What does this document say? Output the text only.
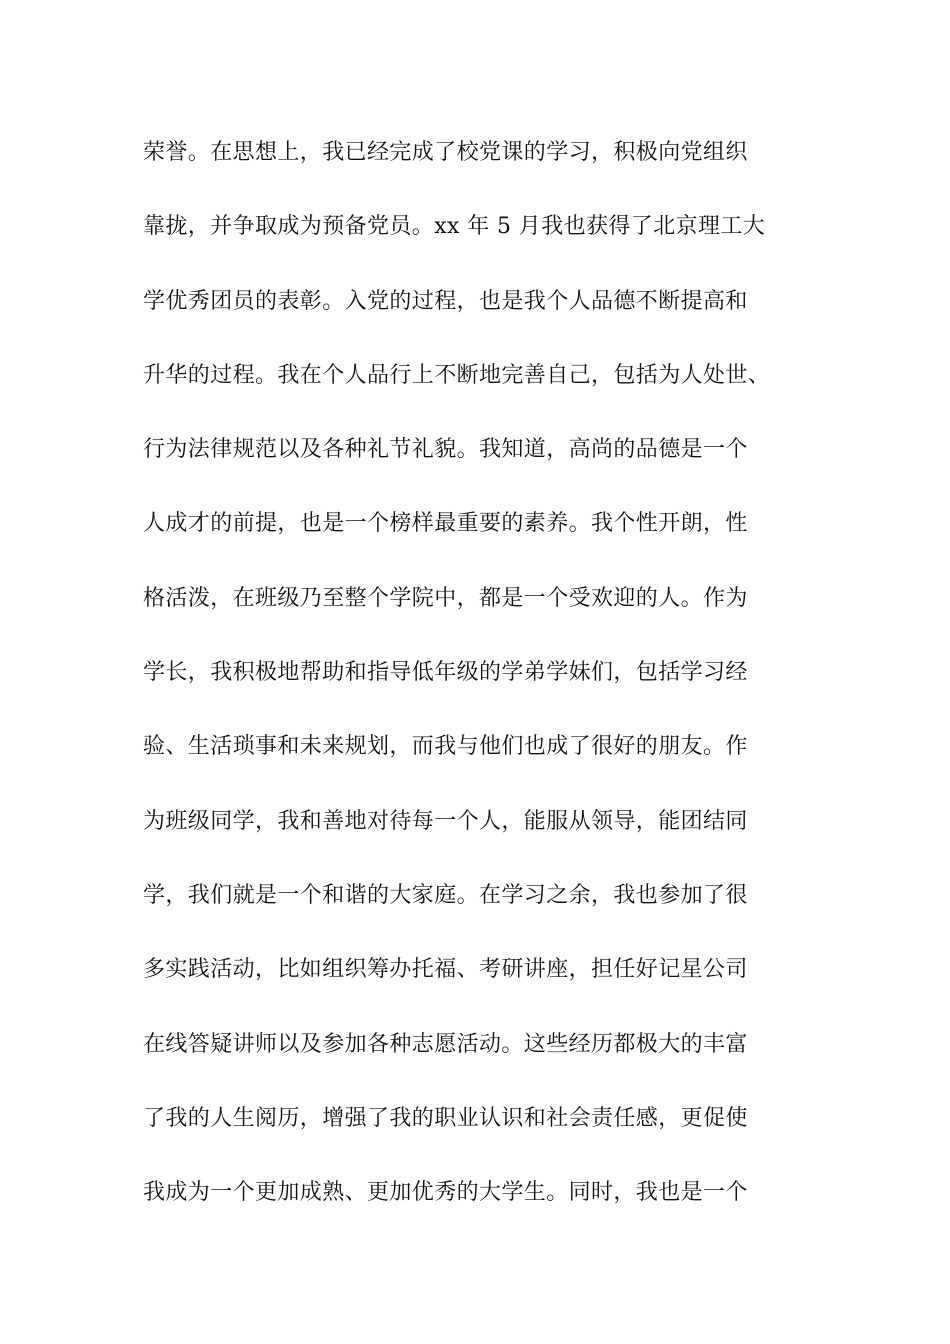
荣誉。在思想上，我已经完成了校党课的学习，积极向党组织
靠拢，并争取成为预备党员。xx 年 5 月我也获得了北京理工大
学优秀团员的表彰。入党的过程，也是我个人品德不断提高和
升华的过程。我在个人品行上不断地完善自己，包括为人处世、
行为法律规范以及各种礼节礼貌。我知道，高尚的品德是一个
人成才的前提，也是一个榜样最重要的素养。我个性开朗，性
格活泼，在班级乃至整个学院中，都是一个受欢迎的人。作为
学长，我积极地帮助和指导低年级的学弟学妹们，包括学习经
验、生活琐事和未来规划，而我与他们也成了很好的朋友。作
为班级同学，我和善地对待每一个人，能服从领导，能团结同
学，我们就是一个和谐的大家庭。在学习之余，我也参加了很
多实践活动，比如组织筹办托福、考研讲座，担任好记星公司
在线答疑讲师以及参加各种志愿活动。这些经历都极大的丰富
了我的人生阅历，增强了我的职业认识和社会责任感，更促使
我成为一个更加成熟、更加优秀的大学生。同时，我也是一个
